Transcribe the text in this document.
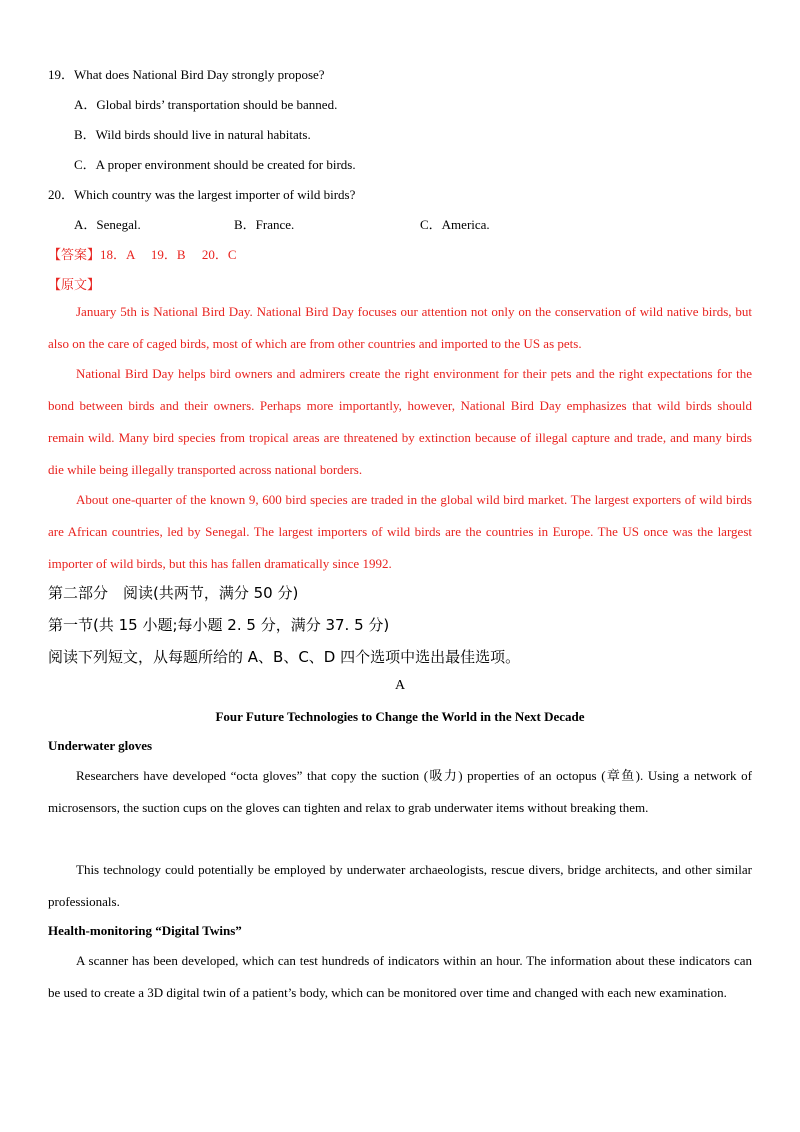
19．What does National Bird Day strongly propose?
A．Global birds’ transportation should be banned.
B．Wild birds should live in natural habitats.
C．A proper environment should be created for birds.
20．Which country was the largest importer of wild birds?
A．Senegal.	B．France.	C．America.
【答案】18．A　 19．B　 20．C
【原文】
January 5th is National Bird Day. National Bird Day focuses our attention not only on the conservation of wild native birds, but also on the care of caged birds, most of which are from other countries and imported to the US as pets.
National Bird Day helps bird owners and admirers create the right environment for their pets and the right expectations for the bond between birds and their owners. Perhaps more importantly, however, National Bird Day emphasizes that wild birds should remain wild. Many bird species from tropical areas are threatened by extinction because of illegal capture and trade, and many birds die while being illegally transported across national borders.
About one-quarter of the known 9, 600 bird species are traded in the global wild bird market. The largest exporters of wild birds are African countries, led by Senegal. The largest importers of wild birds are the countries in Europe. The US once was the largest importer of wild birds, but this has fallen dramatically since 1992.
第二部分　阅读(共两节，满分 50 分)
第一节(共 15 小题;每小题 2. 5 分，满分 37. 5 分)
阅读下列短文，从每题所给的 A、B、C、D 四个选项中选出最佳选项。
A
Four Future Technologies to Change the World in the Next Decade
Underwater gloves
Researchers have developed “octa gloves” that copy the suction (吸力) properties of an octopus (章鱼). Using a network of microsensors, the suction cups on the gloves can tighten and relax to grab underwater items without breaking them.
This technology could potentially be employed by underwater archaeologists, rescue divers, bridge architects, and other similar professionals.
Health-monitoring “Digital Twins”
A scanner has been developed, which can test hundreds of indicators within an hour. The information about these indicators can be used to create a 3D digital twin of a patient’s body, which can be monitored over time and changed with each new examination.
